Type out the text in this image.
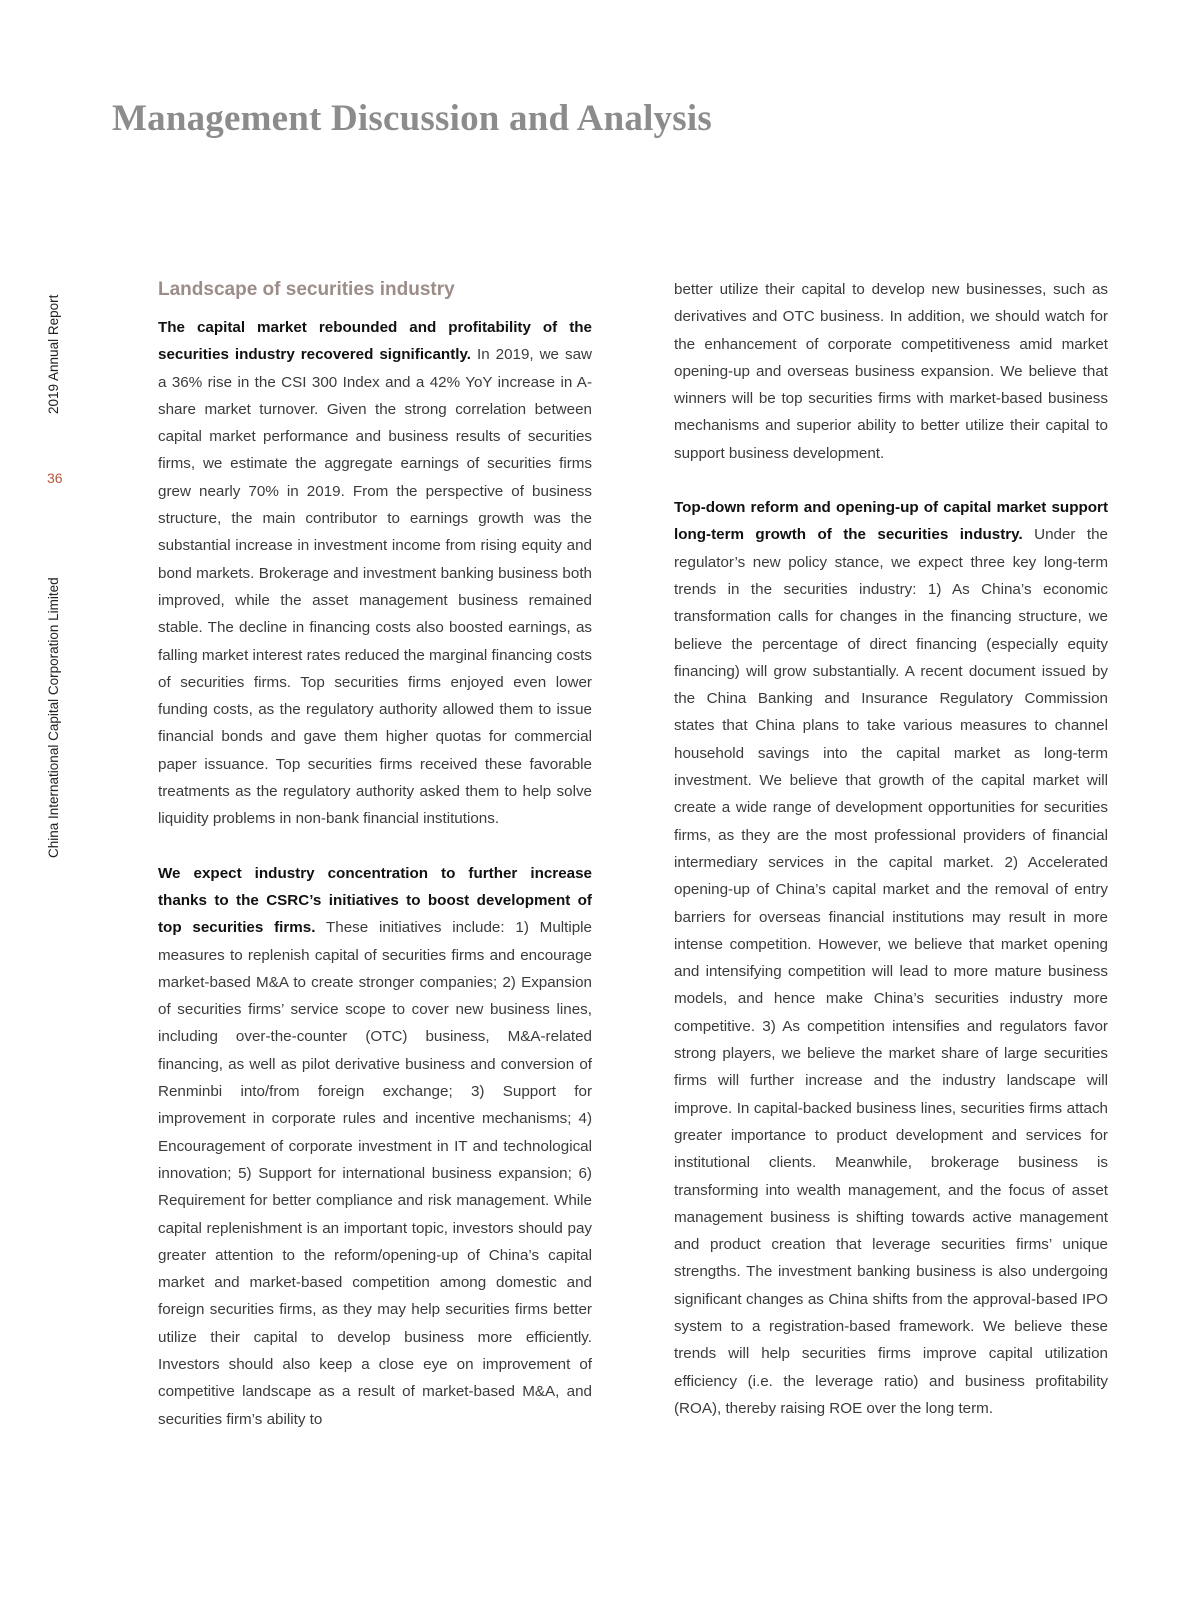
Management Discussion and Analysis
2019 Annual Report
36
China International Capital Corporation Limited
Landscape of securities industry

The capital market rebounded and profitability of the securities industry recovered significantly. In 2019, we saw a 36% rise in the CSI 300 Index and a 42% YoY increase in A-share market turnover. Given the strong correlation between capital market performance and business results of securities firms, we estimate the aggregate earnings of securities firms grew nearly 70% in 2019. From the perspective of business structure, the main contributor to earnings growth was the substantial increase in investment income from rising equity and bond markets. Brokerage and investment banking business both improved, while the asset management business remained stable. The decline in financing costs also boosted earnings, as falling market interest rates reduced the marginal financing costs of securities firms. Top securities firms enjoyed even lower funding costs, as the regulatory authority allowed them to issue financial bonds and gave them higher quotas for commercial paper issuance. Top securities firms received these favorable treatments as the regulatory authority asked them to help solve liquidity problems in non-bank financial institutions.

We expect industry concentration to further increase thanks to the CSRC’s initiatives to boost development of top securities firms. These initiatives include: 1) Multiple measures to replenish capital of securities firms and encourage market-based M&A to create stronger companies; 2) Expansion of securities firms’ service scope to cover new business lines, including over-the-counter (OTC) business, M&A-related financing, as well as pilot derivative business and conversion of Renminbi into/from foreign exchange; 3) Support for improvement in corporate rules and incentive mechanisms; 4) Encouragement of corporate investment in IT and technological innovation; 5) Support for international business expansion; 6) Requirement for better compliance and risk management. While capital replenishment is an important topic, investors should pay greater attention to the reform/opening-up of China’s capital market and market-based competition among domestic and foreign securities firms, as they may help securities firms better utilize their capital to develop business more efficiently. Investors should also keep a close eye on improvement of competitive landscape as a result of market-based M&A, and securities firm’s ability to

better utilize their capital to develop new businesses, such as derivatives and OTC business. In addition, we should watch for the enhancement of corporate competitiveness amid market opening-up and overseas business expansion. We believe that winners will be top securities firms with market-based business mechanisms and superior ability to better utilize their capital to support business development.

Top-down reform and opening-up of capital market support long-term growth of the securities industry. Under the regulator’s new policy stance, we expect three key long-term trends in the securities industry: 1) As China’s economic transformation calls for changes in the financing structure, we believe the percentage of direct financing (especially equity financing) will grow substantially. A recent document issued by the China Banking and Insurance Regulatory Commission states that China plans to take various measures to channel household savings into the capital market as long-term investment. We believe that growth of the capital market will create a wide range of development opportunities for securities firms, as they are the most professional providers of financial intermediary services in the capital market. 2) Accelerated opening-up of China’s capital market and the removal of entry barriers for overseas financial institutions may result in more intense competition. However, we believe that market opening and intensifying competition will lead to more mature business models, and hence make China’s securities industry more competitive. 3) As competition intensifies and regulators favor strong players, we believe the market share of large securities firms will further increase and the industry landscape will improve. In capital-backed business lines, securities firms attach greater importance to product development and services for institutional clients. Meanwhile, brokerage business is transforming into wealth management, and the focus of asset management business is shifting towards active management and product creation that leverage securities firms’ unique strengths. The investment banking business is also undergoing significant changes as China shifts from the approval-based IPO system to a registration-based framework. We believe these trends will help securities firms improve capital utilization efficiency (i.e. the leverage ratio) and business profitability (ROA), thereby raising ROE over the long term.
